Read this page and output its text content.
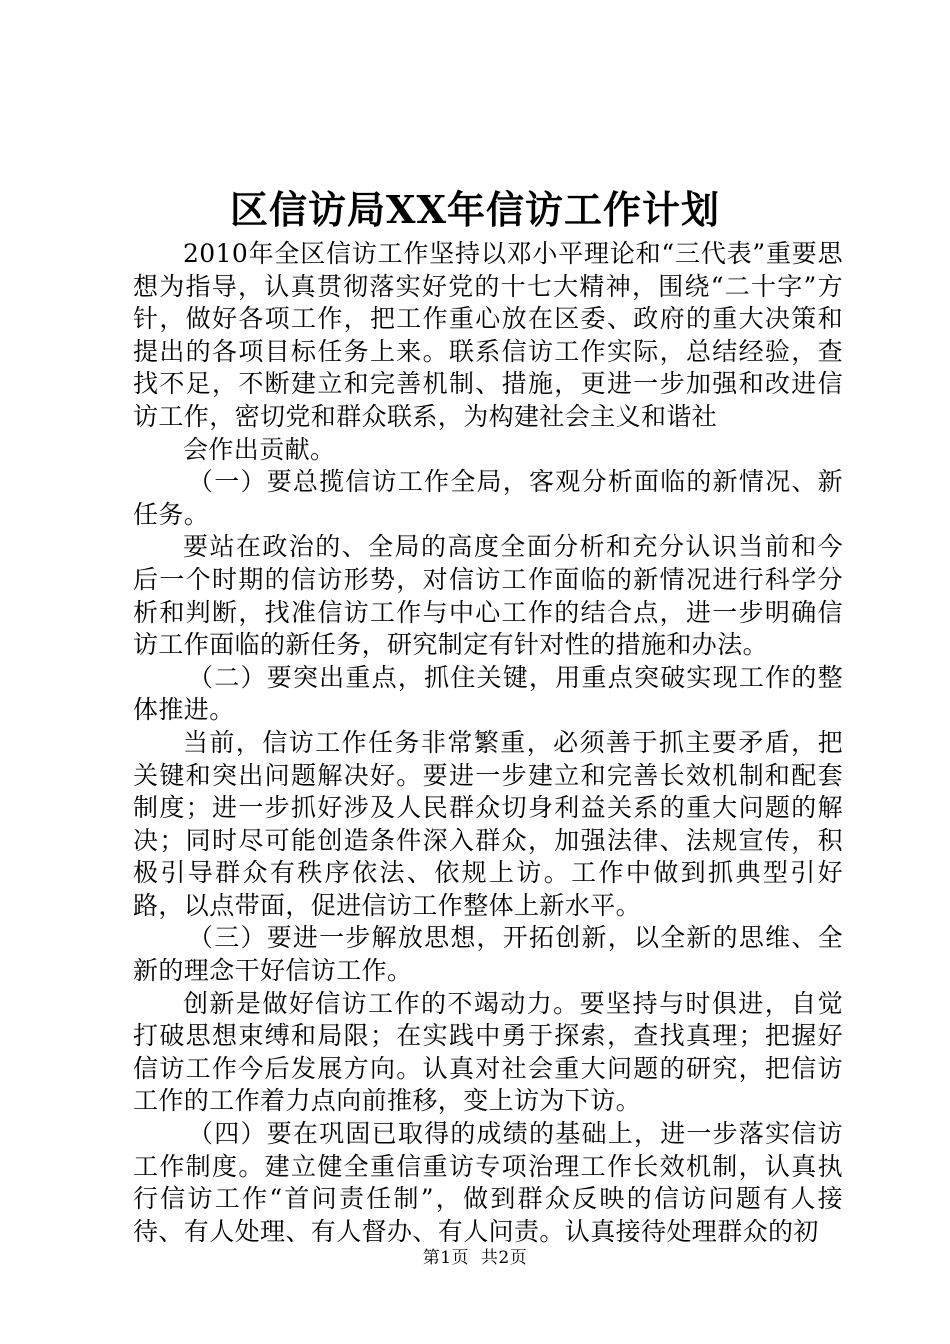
区信访局XX年信访工作计划

2010年全区信访工作坚持以邓小平理论和“三代表”重要思想为指导，认真贯彻落实好党的十七大精神，围绕“二十字”方针，做好各项工作，把工作重心放在区委、政府的重大决策和提出的各项目标任务上来。联系信访工作实际，总结经验，查找不足，不断建立和完善机制、措施，更进一步加强和改进信访工作，密切党和群众联系，为构建社会主义和谐社

会作出贡献。

（一）要总揽信访工作全局，客观分析面临的新情况、新任务。

要站在政治的、全局的高度全面分析和充分认识当前和今后一个时期的信访形势，对信访工作面临的新情况进行科学分析和判断，找准信访工作与中心工作的结合点，进一步明确信访工作面临的新任务，研究制定有针对性的措施和办法。

（二）要突出重点，抓住关键，用重点突破实现工作的整体推进。

当前，信访工作任务非常繁重，必须善于抓主要矛盾，把关键和突出问题解决好。要进一步建立和完善长效机制和配套制度；进一步抓好涉及人民群众切身利益关系的重大问题的解决；同时尽可能创造条件深入群众，加强法律、法规宣传，积极引导群众有秩序依法、依规上访。工作中做到抓典型引好路，以点带面，促进信访工作整体上新水平。

（三）要进一步解放思想，开拓创新，以全新的思维、全新的理念干好信访工作。

创新是做好信访工作的不竭动力。要坚持与时俱进，自觉打破思想束缚和局限；在实践中勇于探索，查找真理；把握好信访工作今后发展方向。认真对社会重大问题的研究，把信访工作的工作着力点向前推移，变上访为下访。

（四）要在巩固已取得的成绩的基础上，进一步落实信访工作制度。建立健全重信重访专项治理工作长效机制，认真执行信访工作“首问责任制”，做到群众反映的信访问题有人接待、有人处理、有人督办、有人问责。认真接待处理群众的初

第1页 共2页
